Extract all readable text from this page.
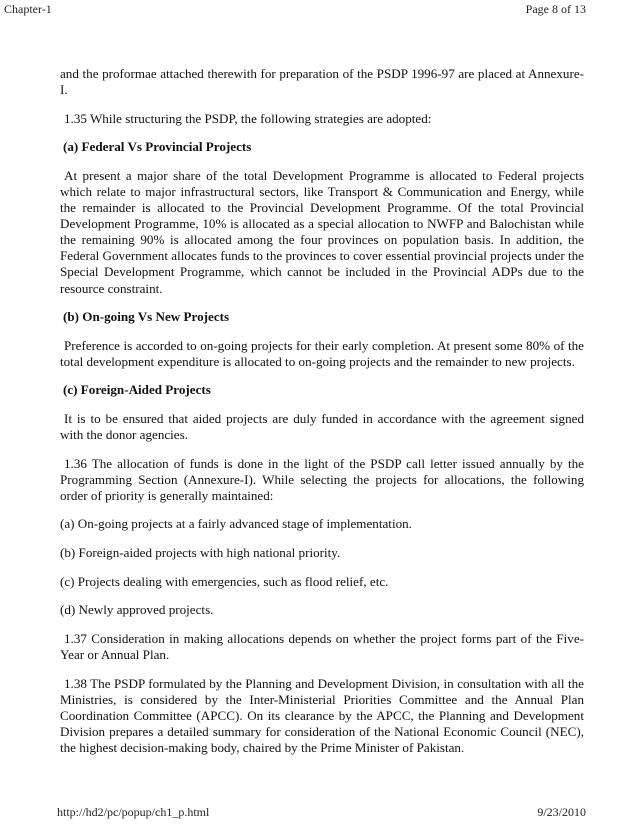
Chapter-1	Page 8 of 13

and the proformae attached therewith for preparation of the PSDP 1996-97 are placed at Annexure-I.

1.35 While structuring the PSDP, the following strategies are adopted:

(a) Federal Vs Provincial Projects

At present a major share of the total Development Programme is allocated to Federal projects which relate to major infrastructural sectors, like Transport & Communication and Energy, while the remainder is allocated to the Provincial Development Programme. Of the total Provincial Development Programme, 10% is allocated as a special allocation to NWFP and Balochistan while the remaining 90% is allocated among the four provinces on population basis. In addition, the Federal Government allocates funds to the provinces to cover essential provincial projects under the Special Development Programme, which cannot be included in the Provincial ADPs due to the resource constraint.

(b) On-going Vs New Projects

Preference is accorded to on-going projects for their early completion. At present some 80% of the total development expenditure is allocated to on-going projects and the remainder to new projects.

(c) Foreign-Aided Projects

It is to be ensured that aided projects are duly funded in accordance with the agreement signed with the donor agencies.

1.36 The allocation of funds is done in the light of the PSDP call letter issued annually by the Programming Section (Annexure-I). While selecting the projects for allocations, the following order of priority is generally maintained:

(a) On-going projects at a fairly advanced stage of implementation.

(b) Foreign-aided projects with high national priority.

(c) Projects dealing with emergencies, such as flood relief, etc.

(d) Newly approved projects.

1.37 Consideration in making allocations depends on whether the project forms part of the Five-Year or Annual Plan.

1.38 The PSDP formulated by the Planning and Development Division, in consultation with all the Ministries, is considered by the Inter-Ministerial Priorities Committee and the Annual Plan Coordination Committee (APCC). On its clearance by the APCC, the Planning and Development Division prepares a detailed summary for consideration of the National Economic Council (NEC), the highest decision-making body, chaired by the Prime Minister of Pakistan.

http://hd2/pc/popup/ch1_p.html	9/23/2010
